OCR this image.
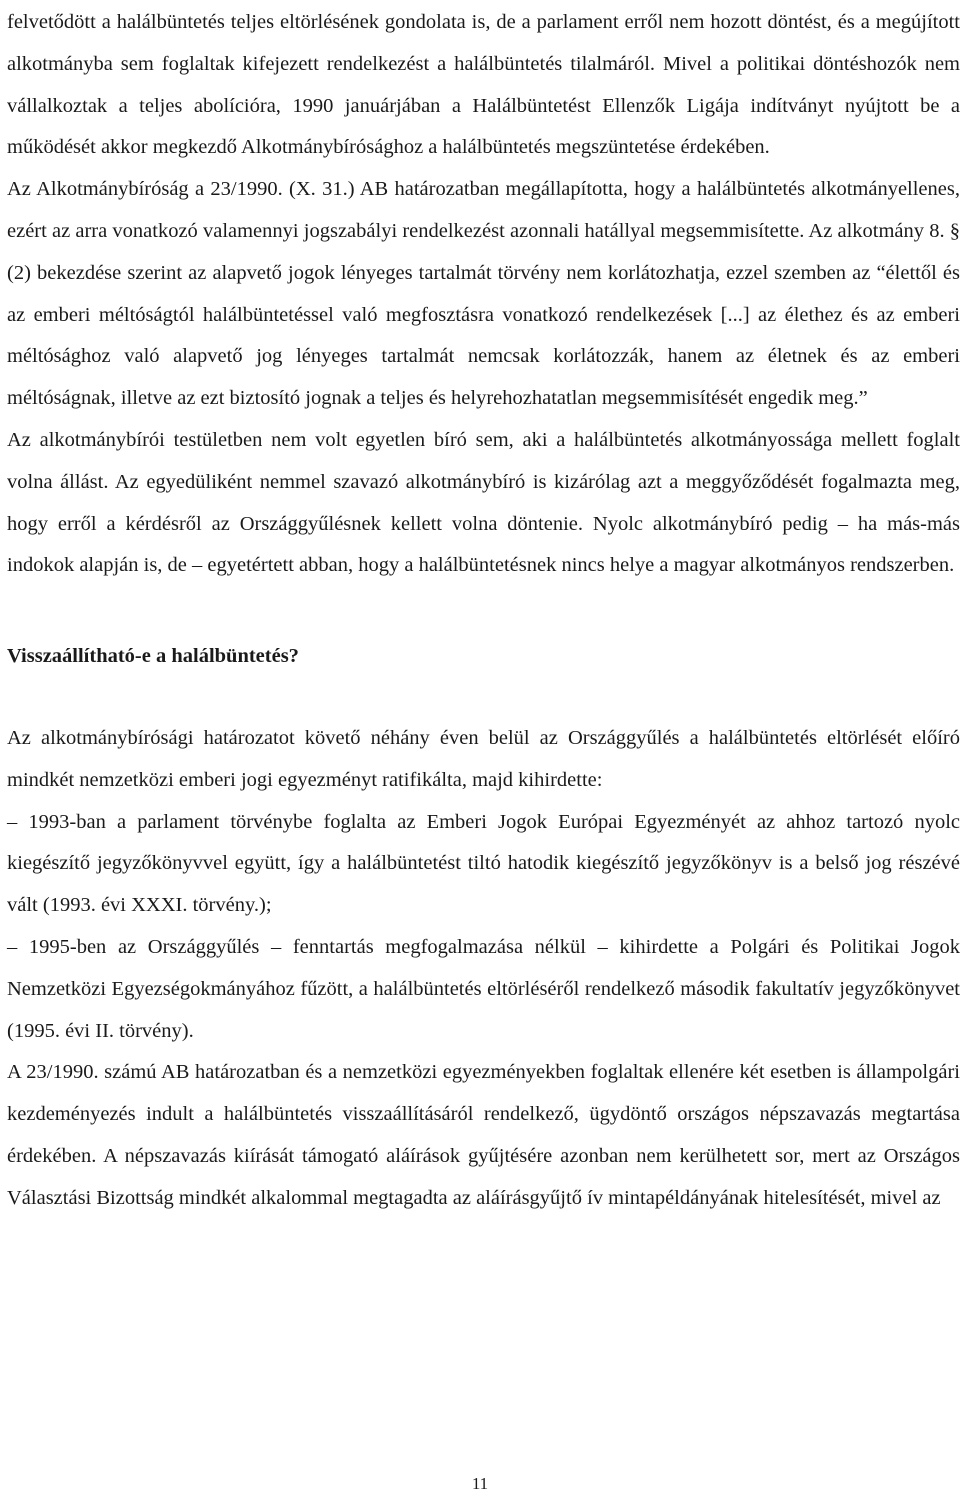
felvetődött a halálbüntetés teljes eltörlésének gondolata is, de a parlament erről nem hozott döntést, és a megújított alkotmányba sem foglaltak kifejezett rendelkezést a halálbüntetés tilalmáról. Mivel a politikai döntéshozók nem vállalkoztak a teljes abolícióra, 1990 januárjában a Halálbüntetést Ellenzők Ligája indítványt nyújtott be a működését akkor megkezdő Alkotmánybírósághoz a halálbüntetés megszüntetése érdekében.

Az Alkotmánybíróság a 23/1990. (X. 31.) AB határozatban megállapította, hogy a halálbüntetés alkotmányellenes, ezért az arra vonatkozó valamennyi jogszabályi rendelkezést azonnali hatállyal megsemmisítette. Az alkotmány 8. § (2) bekezdése szerint az alapvető jogok lényeges tartalmát törvény nem korlátozhatja, ezzel szemben az “élettől és az emberi méltóságtól halálbüntetéssel való megfosztásra vonatkozó rendelkezések [...] az élethez és az emberi méltósághoz való alapvető jog lényeges tartalmát nemcsak korlátozzák, hanem az életnek és az emberi méltóságnak, illetve az ezt biztosító jognak a teljes és helyrehozhatatlan megsemmisítését engedik meg.”

Az alkotmánybírói testületben nem volt egyetlen bíró sem, aki a halálbüntetés alkotmányossága mellett foglalt volna állást. Az egyedüliként nemmel szavazó alkotmánybíró is kizárólag azt a meggyőződését fogalmazta meg, hogy erről a kérdésről az Országgyűlésnek kellett volna döntenie. Nyolc alkotmánybíró pedig – ha más-más indokok alapján is, de – egyetértett abban, hogy a halálbüntetésnek nincs helye a magyar alkotmányos rendszerben.

Visszaállítható-e a halálbüntetés?

Az alkotmánybírósági határozatot követő néhány éven belül az Országgyűlés a halálbüntetés eltörlését előíró mindkét nemzetközi emberi jogi egyezményt ratifikálta, majd kihirdette:

– 1993-ban a parlament törvénybe foglalta az Emberi Jogok Európai Egyezményét az ahhoz tartozó nyolc kiegészítő jegyzőkönyvvel együtt, így a halálbüntetést tiltó hatodik kiegészítő jegyzőkönyv is a belső jog részévé vált (1993. évi XXXI. törvény.);

– 1995-ben az Országgyűlés – fenntartás megfogalmazása nélkül – kihirdette a Polgári és Politikai Jogok Nemzetközi Egyezségokmányához fűzött, a halálbüntetés eltörléséről rendelkező második fakultatív jegyzőkönyvet (1995. évi II. törvény).

A 23/1990. számú AB határozatban és a nemzetközi egyezményekben foglaltak ellenére két esetben is állampolgári kezdeményezés indult a halálbüntetés visszaállításáról rendelkező, ügydöntő országos népszavazás megtartása érdekében. A népszavazás kiírását támogató aláírások gyűjtésére azonban nem kerülhetett sor, mert az Országos Választási Bizottság mindkét alkalommal megtagadta az aláírásgyűjtő ív mintapéldányának hitelesítését, mivel az

11
